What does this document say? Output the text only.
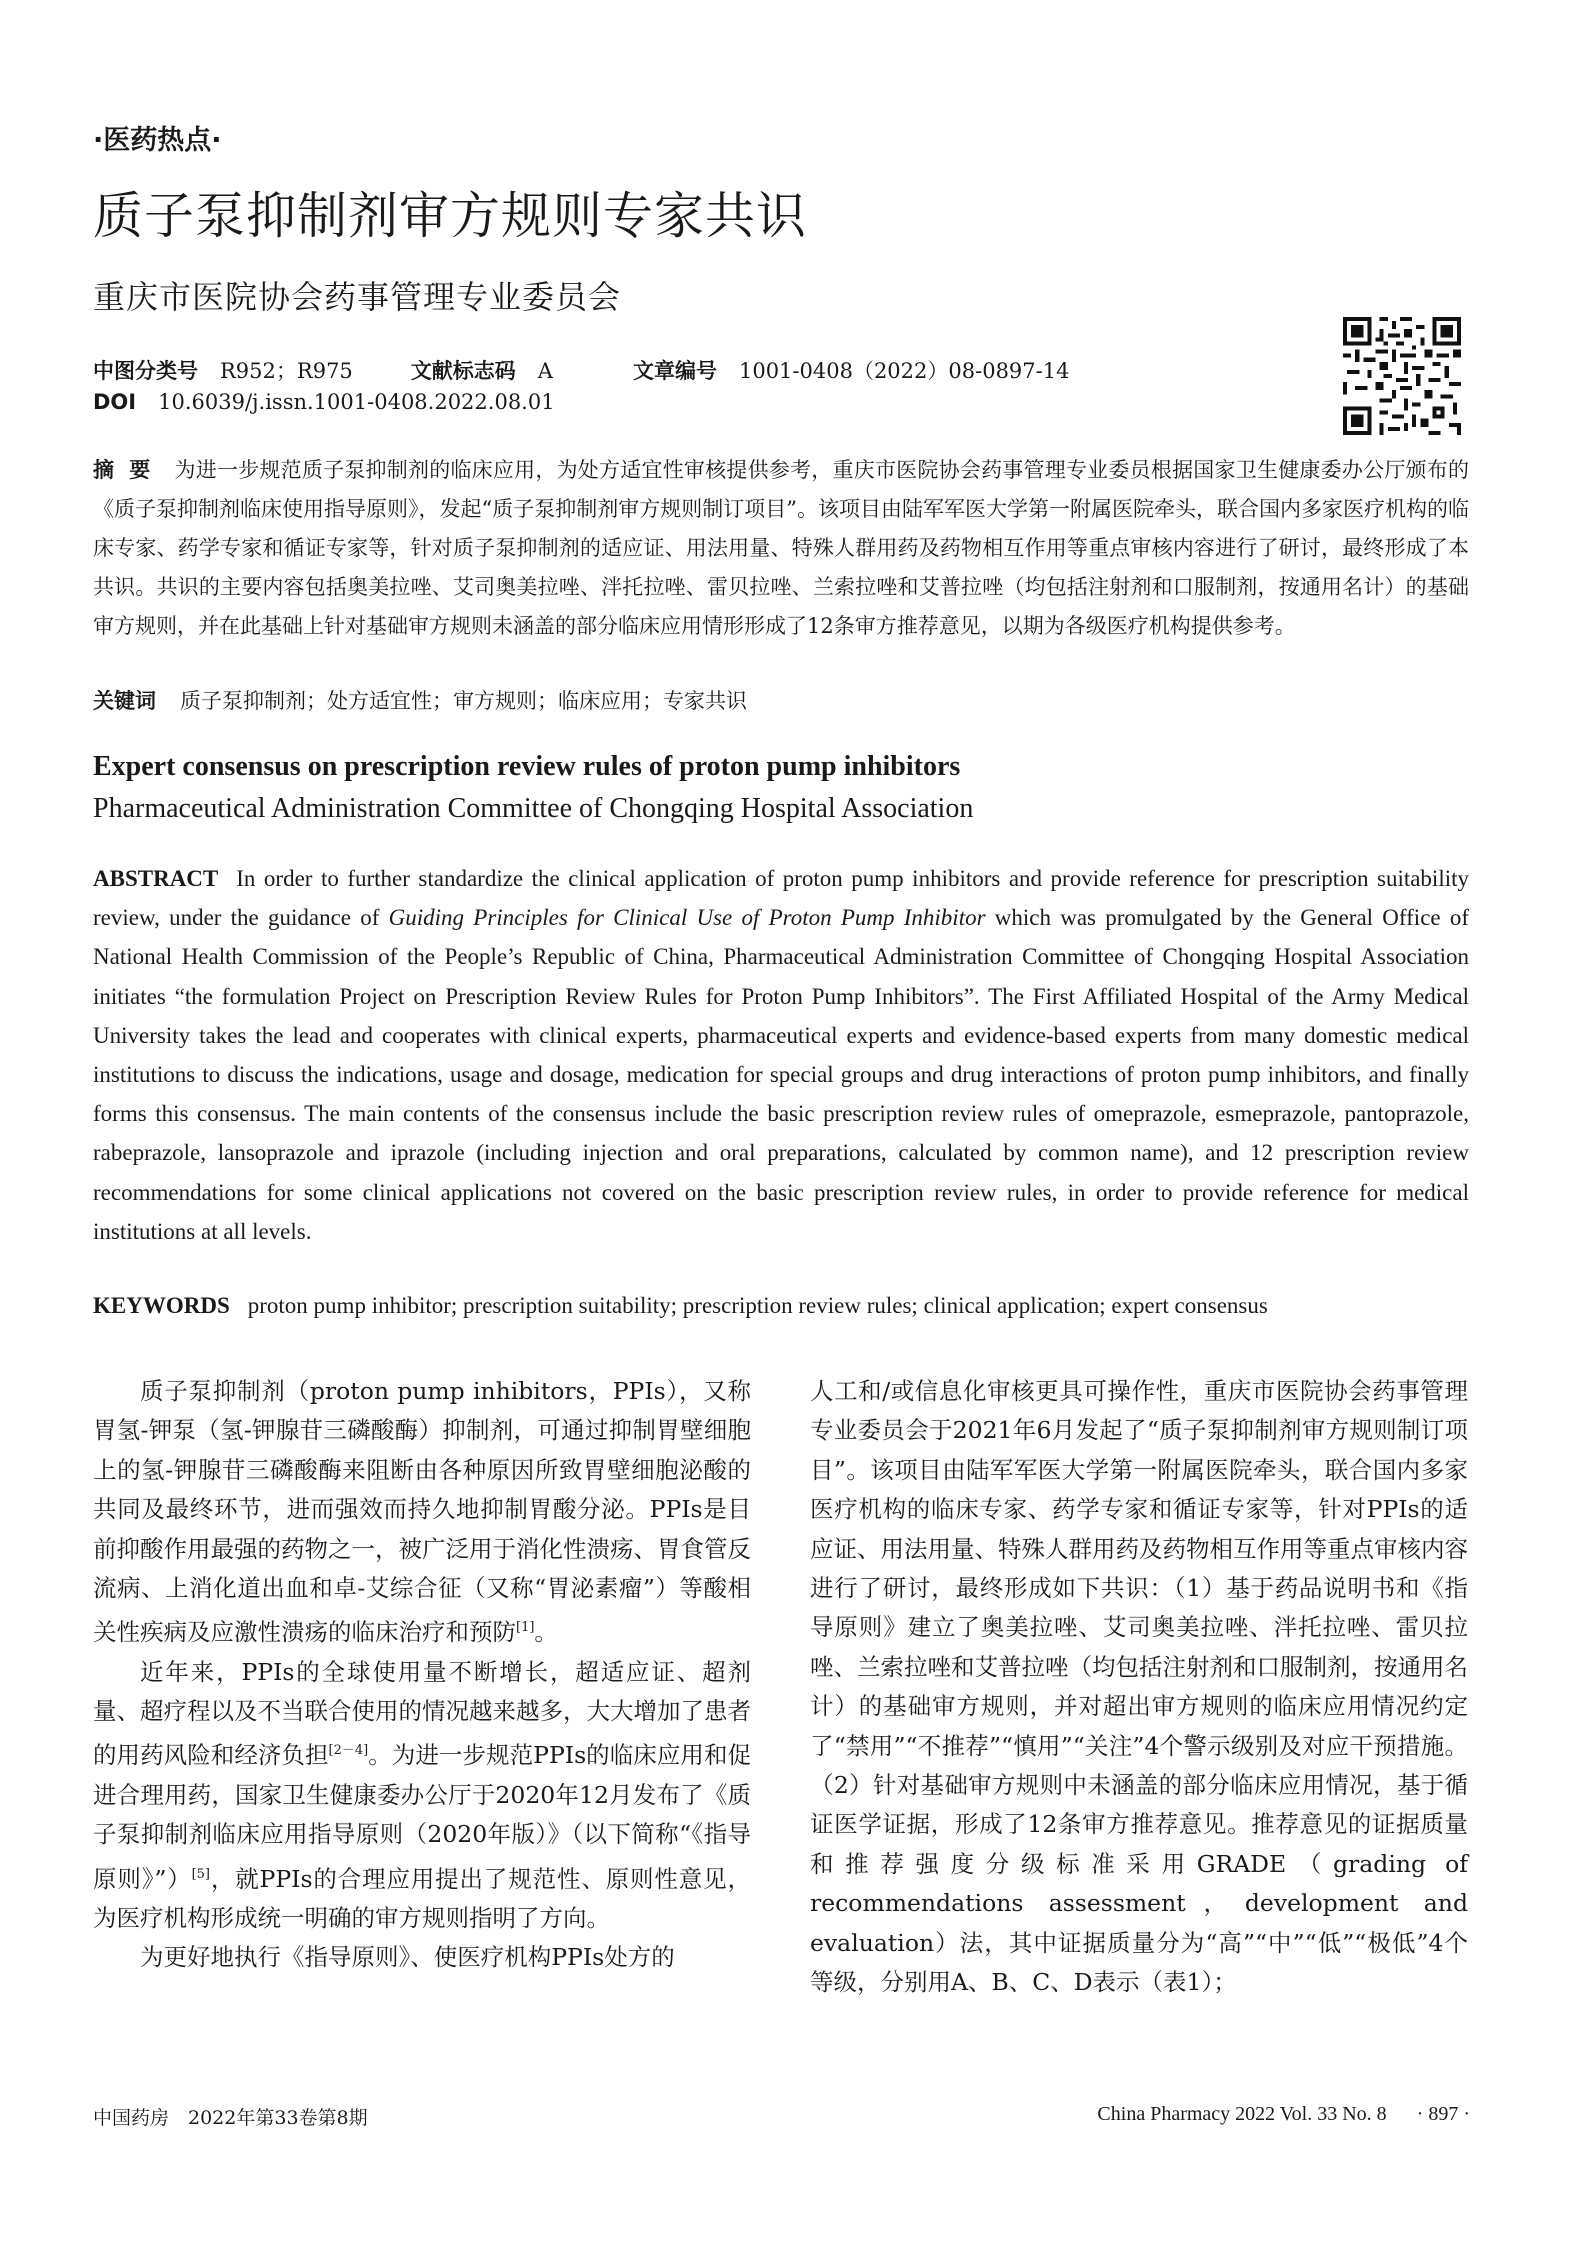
·医药热点·
质子泵抑制剂审方规则专家共识
重庆市医院协会药事管理专业委员会
中图分类号 R952；R975	文献标志码 A	文章编号 1001-0408（2022）08-0897-14
DOI 10.6039/j.issn.1001-0408.2022.08.01
摘  要 为进一步规范质子泵抑制剂的临床应用，为处方适宜性审核提供参考，重庆市医院协会药事管理专业委员根据国家卫生健康委办公厅颁布的《质子泵抑制剂临床使用指导原则》，发起“质子泵抑制剂审方规则制订项目”。该项目由陆军军医大学第一附属医院牵头，联合国内多家医疗机构的临床专家、药学专家和循证专家等，针对质子泵抑制剂的适应证、用法用量、特殊人群用药及药物相互作用等重点审核内容进行了研讨，最终形成了本共识。共识的主要内容包括奥美拉唑、艾司奥美拉唑、泮托拉唑、雷贝拉唑、兰索拉唑和艾普拉唑（均包括注射剂和口服制剂，按通用名计）的基础审方规则，并在此基础上针对基础审方规则未涵盖的部分临床应用情形形成了12条审方推荐意见，以期为各级医疗机构提供参考。
关键词 质子泵抑制剂；处方适宜性；审方规则；临床应用；专家共识
Expert consensus on prescription review rules of proton pump inhibitors
Pharmaceutical Administration Committee of Chongqing Hospital Association
ABSTRACT In order to further standardize the clinical application of proton pump inhibitors and provide reference for prescription suitability review, under the guidance of Guiding Principles for Clinical Use of Proton Pump Inhibitor which was promulgated by the General Office of National Health Commission of the People’s Republic of China, Pharmaceutical Administration Committee of Chongqing Hospital Association initiates “the formulation Project on Prescription Review Rules for Proton Pump Inhibitors”. The First Affiliated Hospital of the Army Medical University takes the lead and cooperates with clinical experts, pharmaceutical experts and evidence-based experts from many domestic medical institutions to discuss the indications, usage and dosage, medication for special groups and drug interactions of proton pump inhibitors, and finally forms this consensus. The main contents of the consensus include the basic prescription review rules of omeprazole, esmeprazole, pantoprazole, rabeprazole, lansoprazole and iprazole (including injection and oral preparations, calculated by common name), and 12 prescription review recommendations for some clinical applications not covered on the basic prescription review rules, in order to provide reference for medical institutions at all levels.
KEYWORDS proton pump inhibitor; prescription suitability; prescription review rules; clinical application; expert consensus

质子泵抑制剂（proton pump inhibitors，PPIs），又称胃氢-钾泵（氢-钾腺苷三磷酸酶）抑制剂，可通过抑制胃壁细胞上的氢-钾腺苷三磷酸酶来阻断由各种原因所致胃壁细胞泌酸的共同及最终环节，进而强效而持久地抑制胃酸分泌。PPIs是目前抑酸作用最强的药物之一，被广泛用于消化性溃疡、胃食管反流病、上消化道出血和卓-艾综合征（又称“胃泌素瘤”）等酸相关性疾病及应激性溃疡的临床治疗和预防[1]。

近年来，PPIs的全球使用量不断增长，超适应证、超剂量、超疗程以及不当联合使用的情况越来越多，大大增加了患者的用药风险和经济负担[2－4]。为进一步规范PPIs的临床应用和促进合理用药，国家卫生健康委办公厅于2020年12月发布了《质子泵抑制剂临床应用指导原则（2020年版）》（以下简称“《指导原则》”）[5]，就PPIs的合理应用提出了规范性、原则性意见，为医疗机构形成统一明确的审方规则指明了方向。

为更好地执行《指导原则》、使医疗机构PPIs处方的

人工和/或信息化审核更具可操作性，重庆市医院协会药事管理专业委员会于2021年6月发起了“质子泵抑制剂审方规则制订项目”。该项目由陆军军医大学第一附属医院牵头，联合国内多家医疗机构的临床专家、药学专家和循证专家等，针对PPIs的适应证、用法用量、特殊人群用药及药物相互作用等重点审核内容进行了研讨，最终形成如下共识：（1）基于药品说明书和《指导原则》建立了奥美拉唑、艾司奥美拉唑、泮托拉唑、雷贝拉唑、兰索拉唑和艾普拉唑（均包括注射剂和口服制剂，按通用名计）的基础审方规则，并对超出审方规则的临床应用情况约定了“禁用”“不推荐”“慎用”“关注”4个警示级别及对应干预措施。（2）针对基础审方规则中未涵盖的部分临床应用情况，基于循证医学证据，形成了12条审方推荐意见。推荐意见的证据质量和推荐强度分级标准采用GRADE（grading of recommendations assessment，development and evaluation）法，其中证据质量分为“高”“中”“低”“极低”4个等级，分别用A、B、C、D表示（表1）；

中国药房　2022年第33卷第8期	China Pharmacy 2022 Vol. 33 No. 8 · 897 ·
